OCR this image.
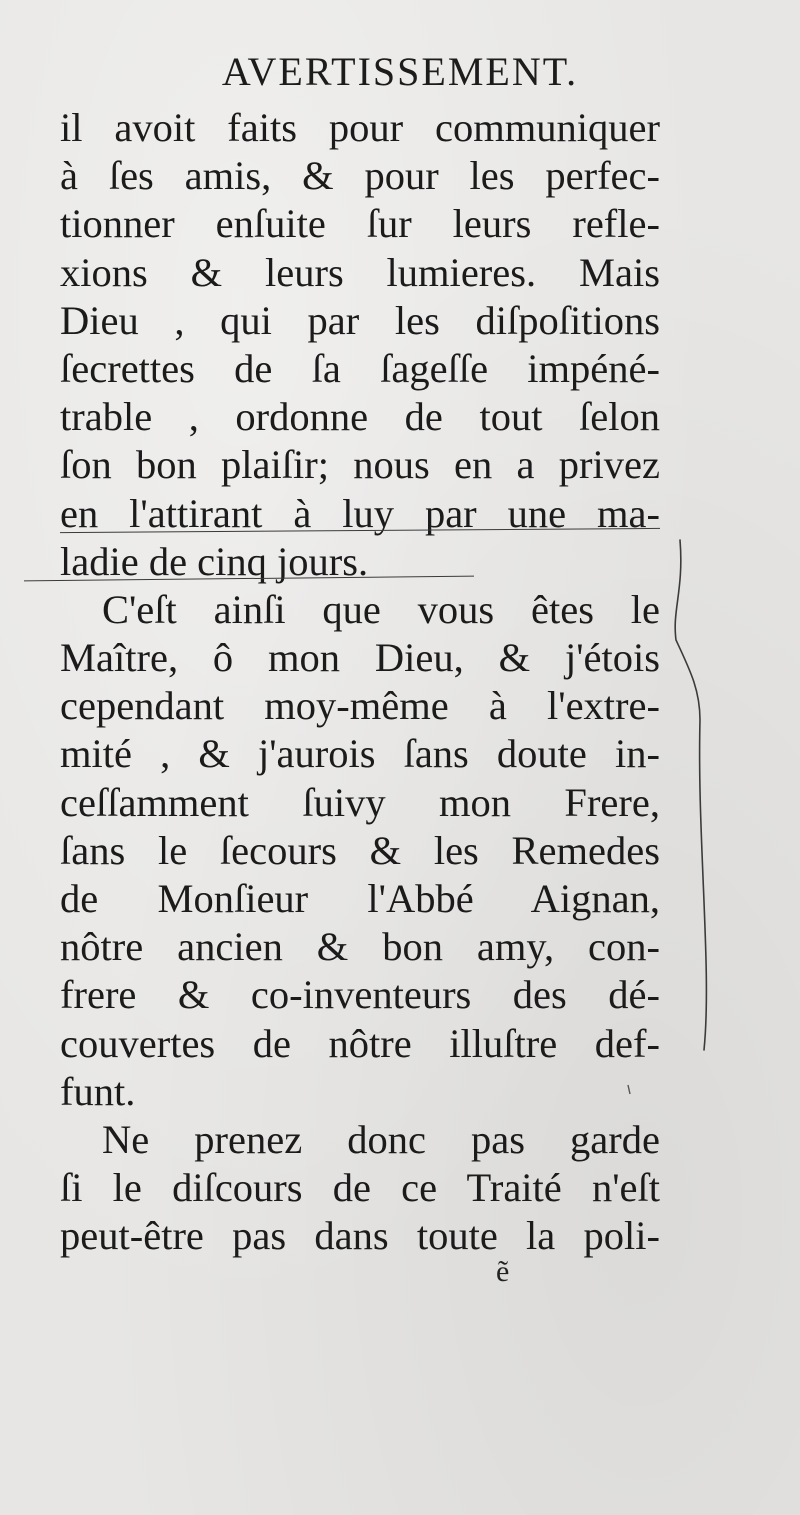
AVERTISSEMENT.
il avoit faits pour communiquer
à ſes amis, & pour les perfec-
tionner enſuite ſur leurs refle-
xions & leurs lumieres. Mais
Dieu , qui par les diſpoſitions
ſecrettes de ſa ſageſſe impéné-
trable , ordonne de tout ſelon
ſon bon plaiſir; nous en a privez
en l'attirant à luy par une ma-
ladie de cinq jours.
C'eſt ainſi que vous êtes le
Maître, ô mon Dieu, & j'étois
cependant moy-même à l'extre-
mité , & j'aurois ſans doute in-
ceſſamment ſuivy mon Frere,
ſans le ſecours & les Remedes
de Monſieur l'Abbé Aignan,
nôtre ancien & bon amy, con-
frere & co-inventeurs des dé-
couvertes de nôtre illuſtre def-
funt.
Ne prenez donc pas garde
ſi le diſcours de ce Traité n'eſt
peut-être pas dans toute la poli-
ẽ
